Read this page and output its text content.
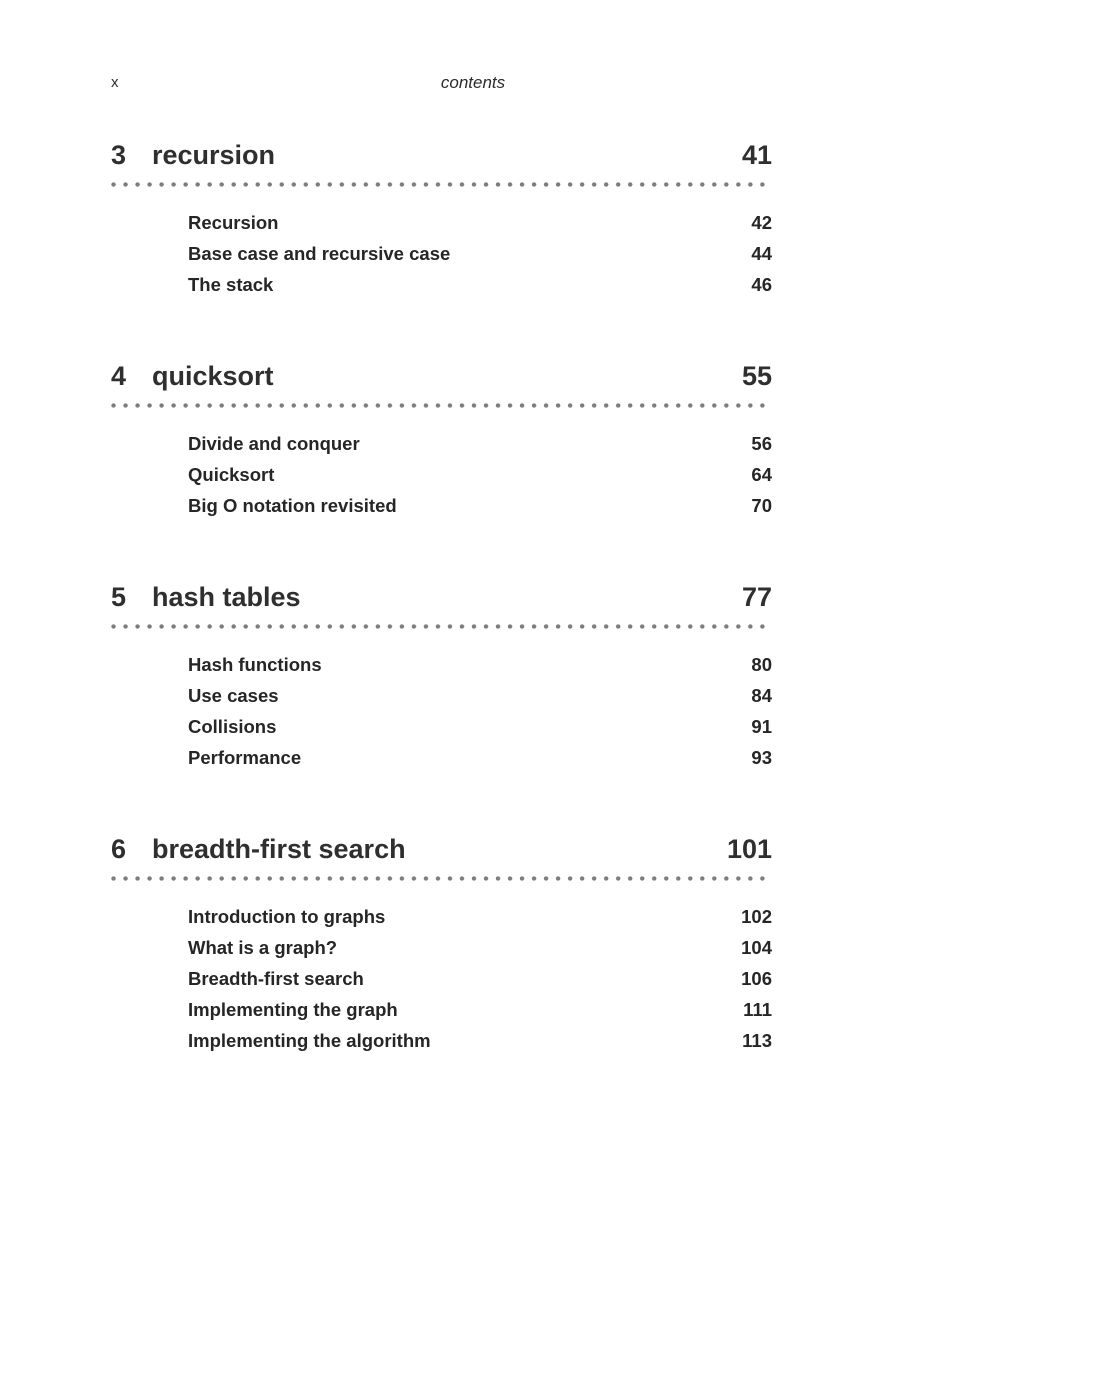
x	contents
3 recursion	41
Recursion	42
Base case and recursive case	44
The stack	46
4 quicksort	55
Divide and conquer	56
Quicksort	64
Big O notation revisited	70
5 hash tables	77
Hash functions	80
Use cases	84
Collisions	91
Performance	93
6 breadth-first search	101
Introduction to graphs	102
What is a graph?	104
Breadth-first search	106
Implementing the graph	111
Implementing the algorithm	113
